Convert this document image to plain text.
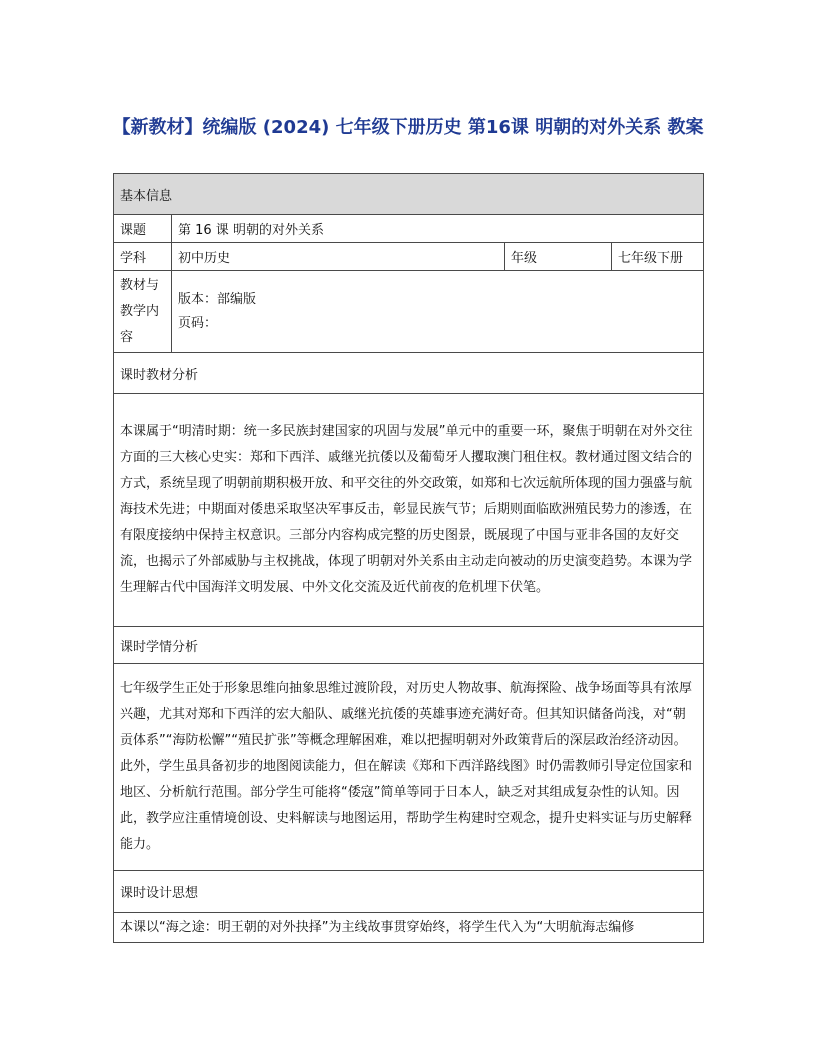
【新教材】统编版 (2024) 七年级下册历史 第16课 明朝的对外关系 教案
基本信息			
课题	第 16 课 明朝的对外关系		
学科	初中历史	年级	七年级下册
教材与教学内容	版本：部编版
页码：		

课时教材分析			

本课属于“明清时期：统一多民族封建国家的巩固与发展”单元中的重要一环，聚焦于明朝在对外交往方面的三大核心史实：郑和下西洋、戚继光抗倭以及葡萄牙人攫取澳门租住权。教材通过图文结合的方式，系统呈现了明朝前期积极开放、和平交往的外交政策，如郑和七次远航所体现的国力强盛与航海技术先进；中期面对倭患采取坚决军事反击，彰显民族气节；后期则面临欧洲殖民势力的渗透，在有限度接纳中保持主权意识。三部分内容构成完整的历史图景，既展现了中国与亚非各国的友好交流，也揭示了外部威胁与主权挑战，体现了明朝对外关系由主动走向被动的历史演变趋势。本课为学生理解古代中国海洋文明发展、中外文化交流及近代前夜的危机埋下伏笔。			

课时学情分析			

七年级学生正处于形象思维向抽象思维过渡阶段，对历史人物故事、航海探险、战争场面等具有浓厚兴趣，尤其对郑和下西洋的宏大船队、戚继光抗倭的英雄事迹充满好奇。但其知识储备尚浅，对“朝贡体系”“海防松懈”“殖民扩张”等概念理解困难，难以把握明朝对外政策背后的深层政治经济动因。此外，学生虽具备初步的地图阅读能力，但在解读《郑和下西洋路线图》时仍需教师引导定位国家和地区、分析航行范围。部分学生可能将“倭寇”简单等同于日本人，缺乏对其组成复杂性的认知。因此，教学应注重情境创设、史料解读与地图运用，帮助学生构建时空观念，提升史料实证与历史解释能力。			

课时设计思想			
本课以“海之途：明王朝的对外抉择”为主线故事贯穿始终，将学生代入为“大明航海志编修			
